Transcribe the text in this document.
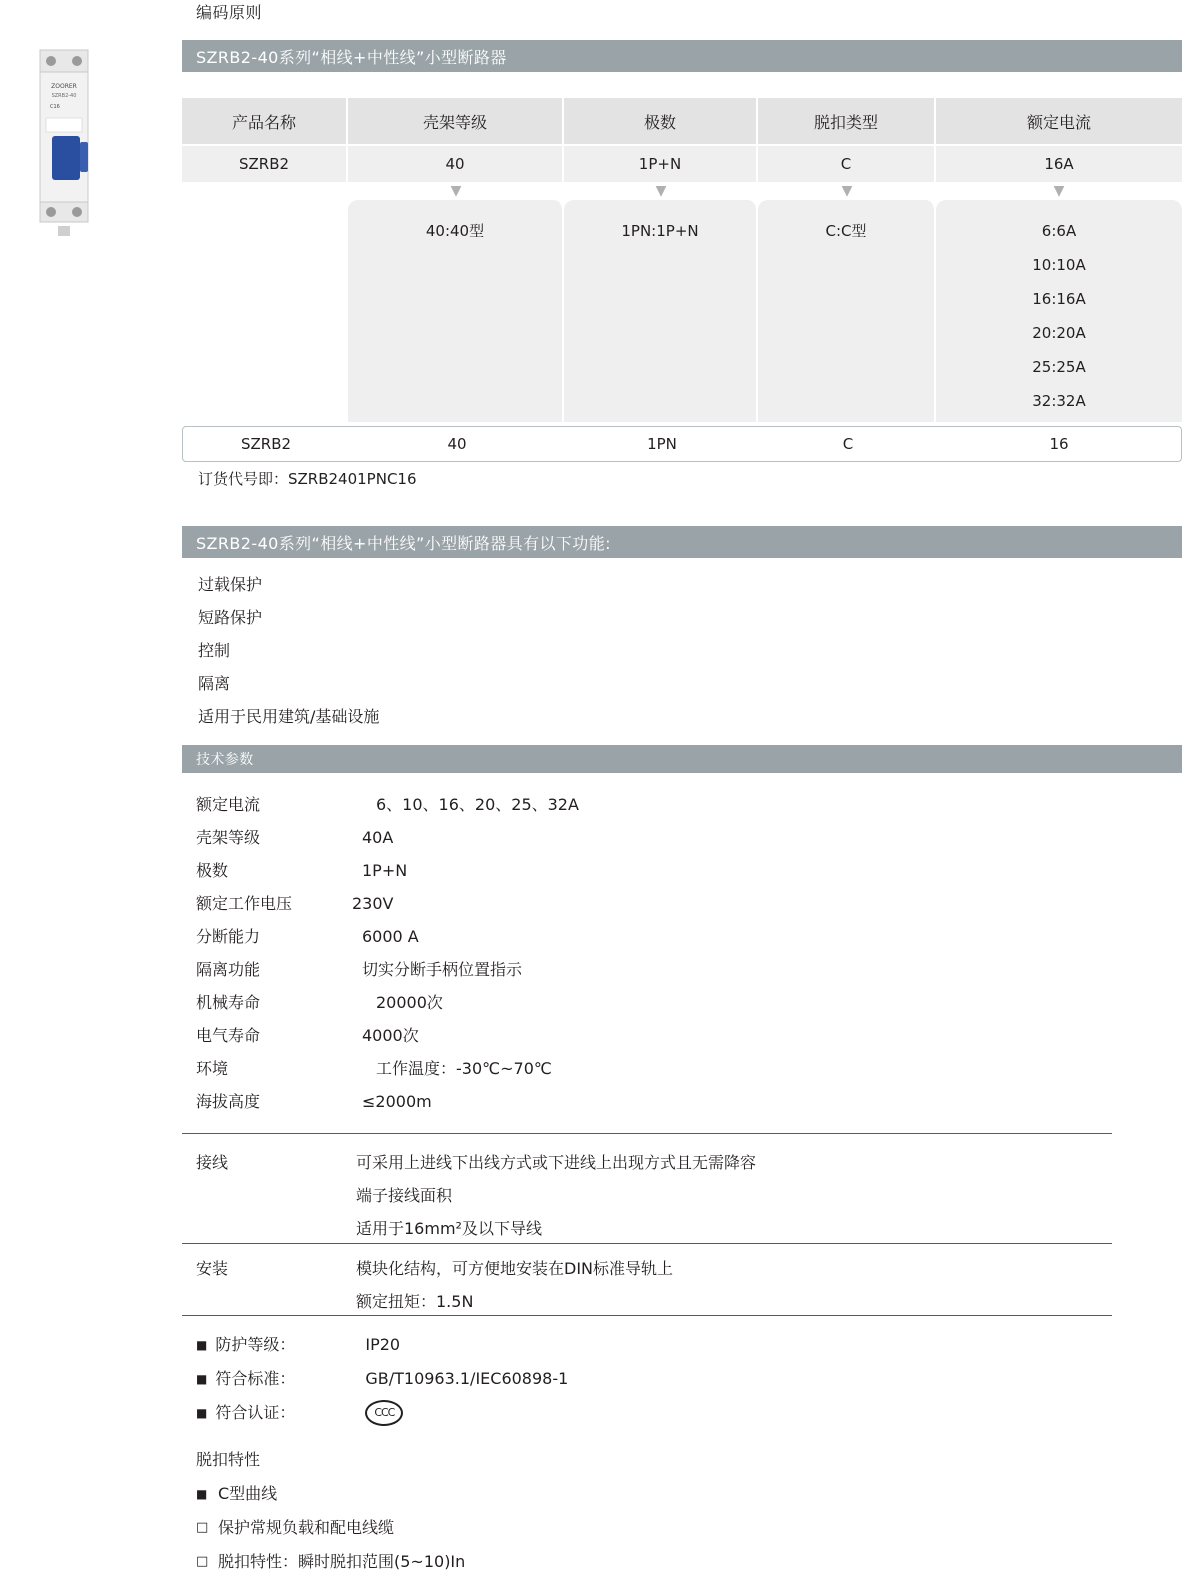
编码原则
ZOORER
SZRB2-40
C16
SZRB2-40系列“相线+中性线”小型断路器
产品名称	壳架等级	极数	脱扣类型	额定电流
SZRB2	40	1P+N	C	16A
▼	▼	▼	▼
40:40型	1PN:1P+N	C:C型	6:6A
10:10A
16:16A
20:20A
25:25A
32:32A
SZRB2	40	1PN	C	16
订货代号即：SZRB2401PNC16
SZRB2-40系列“相线+中性线”小型断路器具有以下功能:
过载保护
短路保护
控制
隔离
适用于民用建筑/基础设施
技术参数
额定电流	6、10、16、20、25、32A
壳架等级	40A
极数	1P+N
额定工作电压	230V
分断能力	6000 A
隔离功能	切实分断手柄位置指示
机械寿命	20000次
电气寿命	4000次
环境	工作温度：-30℃~70℃
海拔高度	≤2000m
接线	可采用上进线下出线方式或下进线上出现方式且无需降容
端子接线面积
适用于16mm²及以下导线
安装	模块化结构，可方便地安装在DIN标准导轨上
额定扭矩：1.5N
■ 防护等级：	IP20
■ 符合标准：	GB/T10963.1/IEC60898-1
■ 符合认证：	CCC
脱扣特性
■ C型曲线
□ 保护常规负载和配电线缆
□ 脱扣特性：瞬时脱扣范围(5~10)In
